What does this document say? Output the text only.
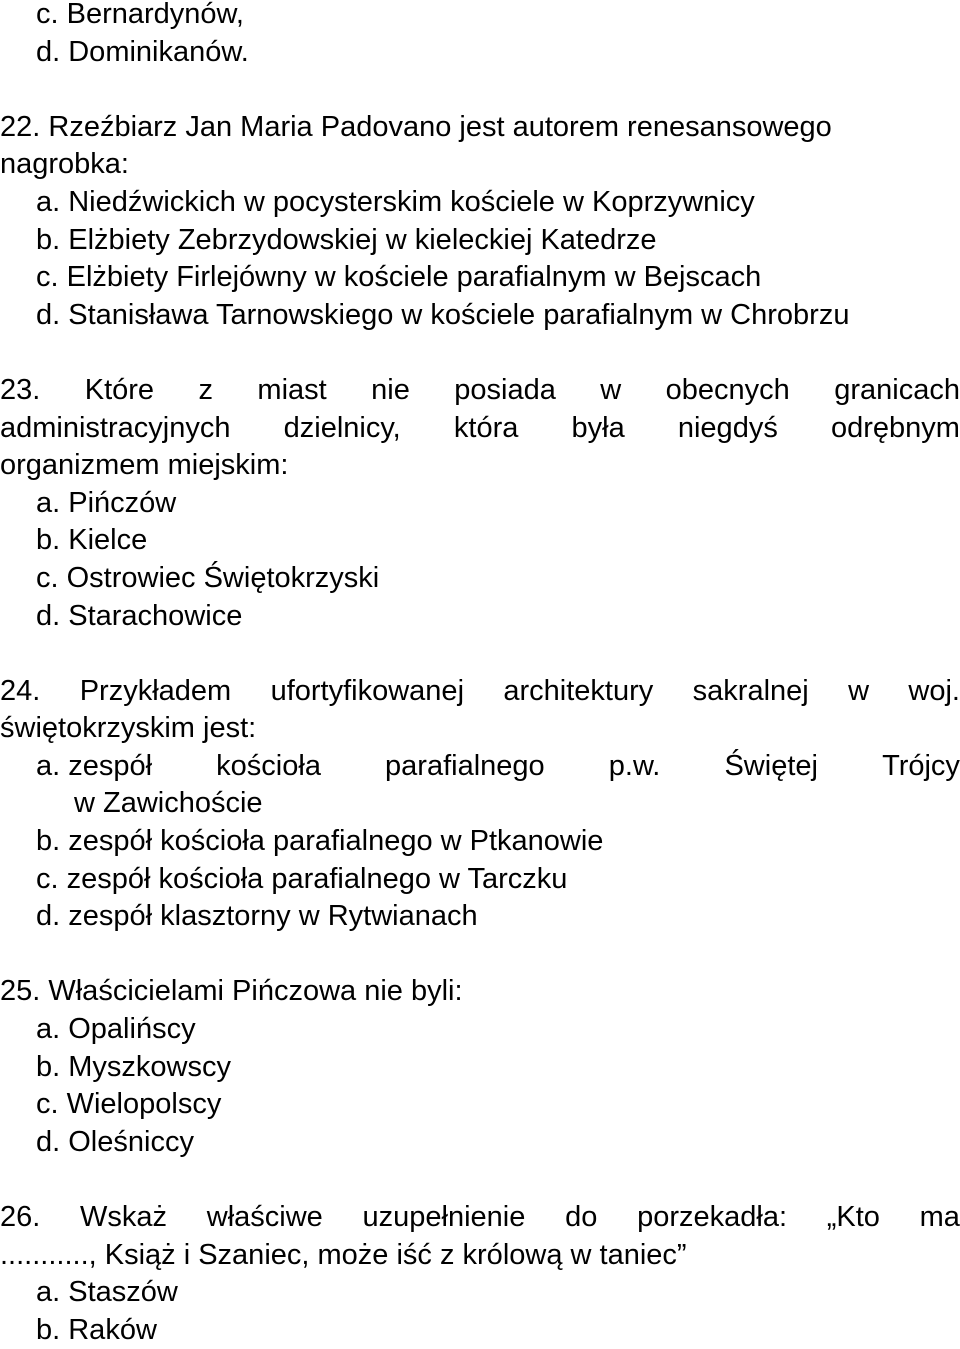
c. Bernardynów,
d. Dominikanów.
22. Rzeźbiarz Jan Maria Padovano jest autorem renesansowego
nagrobka:
a. Niedźwickich w pocysterskim kościele w Koprzywnicy
b. Elżbiety Zebrzydowskiej w kieleckiej Katedrze
c. Elżbiety Firlejówny w kościele parafialnym w Bejscach
d. Stanisława Tarnowskiego w kościele parafialnym w Chrobrzu
23. Które z miast nie posiada w obecnych granicach
administracyjnych dzielnicy, która była niegdyś odrębnym
organizmem miejskim:
a. Pińczów
b. Kielce
c. Ostrowiec Świętokrzyski
d. Starachowice
24. Przykładem ufortyfikowanej architektury sakralnej w woj.
świętokrzyskim jest:
a. zespół kościoła parafialnego p.w. Świętej Trójcy
w Zawichoście
b. zespół kościoła parafialnego w Ptkanowie
c. zespół kościoła parafialnego w Tarczku
d. zespół klasztorny w Rytwianach
25. Właścicielami Pińczowa nie byli:
a. Opalińscy
b. Myszkowscy
c. Wielopolscy
d. Oleśniccy
26. Wskaż właściwe uzupełnienie do porzekadła: „Kto ma
..........., Książ i Szaniec, może iść z królową w taniec”
a. Staszów
b. Raków
